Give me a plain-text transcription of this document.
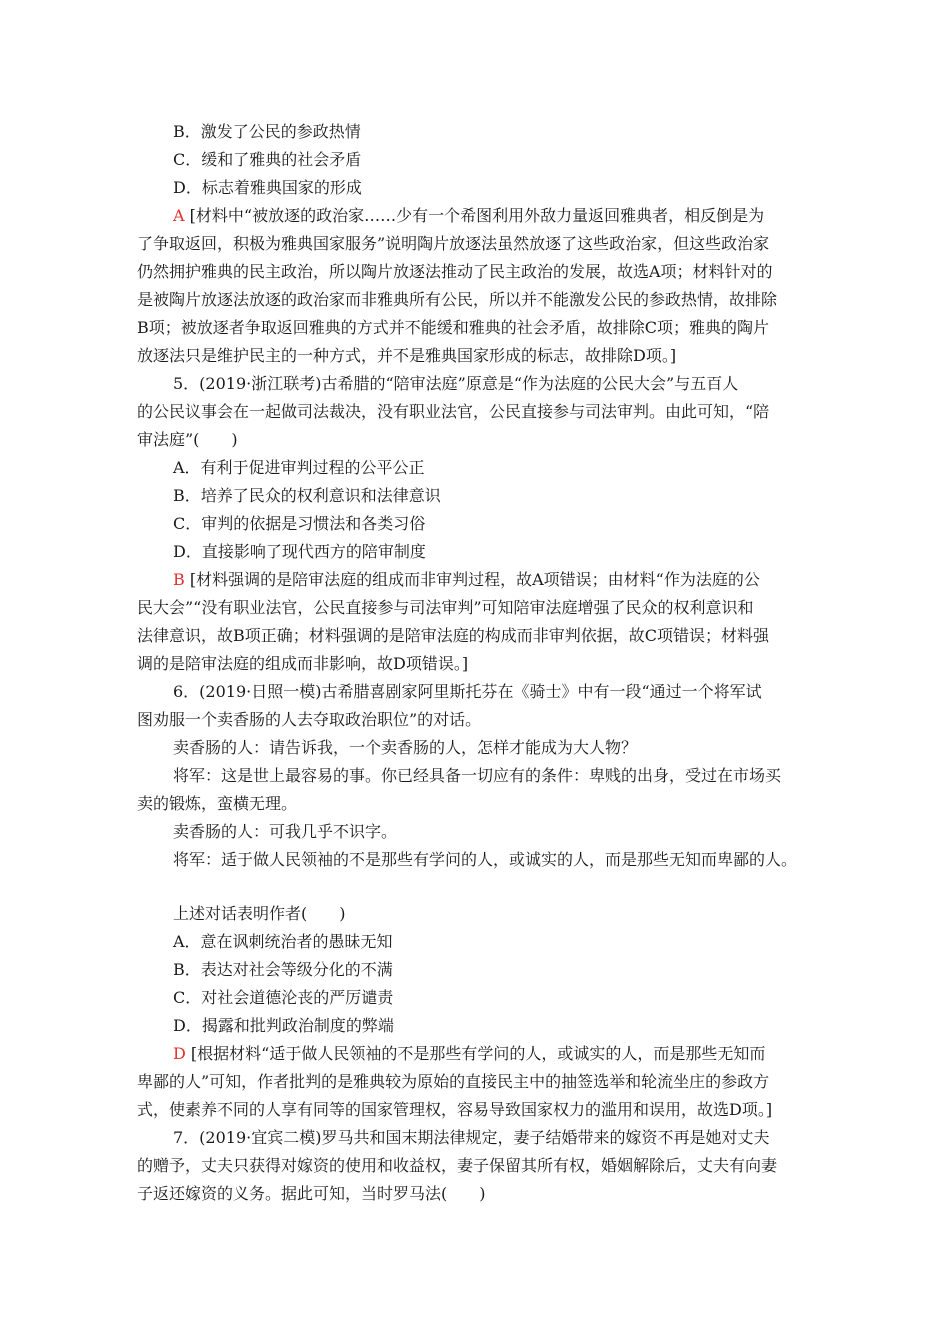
B．激发了公民的参政热情
C．缓和了雅典的社会矛盾
D．标志着雅典国家的形成
A [材料中“被放逐的政治家……少有一个希图利用外敌力量返回雅典者，相反倒是为
了争取返回，积极为雅典国家服务”说明陶片放逐法虽然放逐了这些政治家，但这些政治家
仍然拥护雅典的民主政治，所以陶片放逐法推动了民主政治的发展，故选A项；材料针对的
是被陶片放逐法放逐的政治家而非雅典所有公民，所以并不能激发公民的参政热情，故排除
B项；被放逐者争取返回雅典的方式并不能缓和雅典的社会矛盾，故排除C项；雅典的陶片
放逐法只是维护民主的一种方式，并不是雅典国家形成的标志，故排除D项。]
5．(2019·浙江联考)古希腊的“陪审法庭”原意是“作为法庭的公民大会”与五百人
的公民议事会在一起做司法裁决，没有职业法官，公民直接参与司法审判。由此可知，“陪
审法庭”(　　)
A．有利于促进审判过程的公平公正
B．培养了民众的权利意识和法律意识
C．审判的依据是习惯法和各类习俗
D．直接影响了现代西方的陪审制度
B [材料强调的是陪审法庭的组成而非审判过程，故A项错误；由材料“作为法庭的公
民大会”“没有职业法官，公民直接参与司法审判”可知陪审法庭增强了民众的权利意识和
法律意识，故B项正确；材料强调的是陪审法庭的构成而非审判依据，故C项错误；材料强
调的是陪审法庭的组成而非影响，故D项错误。]
6．(2019·日照一模)古希腊喜剧家阿里斯托芬在《骑士》中有一段“通过一个将军试
图劝服一个卖香肠的人去夺取政治职位”的对话。
卖香肠的人：请告诉我，一个卖香肠的人，怎样才能成为大人物？
将军：这是世上最容易的事。你已经具备一切应有的条件：卑贱的出身，受过在市场买
卖的锻炼，蛮横无理。
卖香肠的人：可我几乎不识字。
将军：适于做人民领袖的不是那些有学问的人，或诚实的人，而是那些无知而卑鄙的人。
上述对话表明作者(　　)
A．意在讽刺统治者的愚昧无知
B．表达对社会等级分化的不满
C．对社会道德沦丧的严厉谴责
D．揭露和批判政治制度的弊端
D [根据材料“适于做人民领袖的不是那些有学问的人，或诚实的人，而是那些无知而
卑鄙的人”可知，作者批判的是雅典较为原始的直接民主中的抽签选举和轮流坐庄的参政方
式，使素养不同的人享有同等的国家管理权，容易导致国家权力的滥用和误用，故选D项。]
7．(2019·宜宾二模)罗马共和国末期法律规定，妻子结婚带来的嫁资不再是她对丈夫
的赠予，丈夫只获得对嫁资的使用和收益权，妻子保留其所有权，婚姻解除后，丈夫有向妻
子返还嫁资的义务。据此可知，当时罗马法(　　)
